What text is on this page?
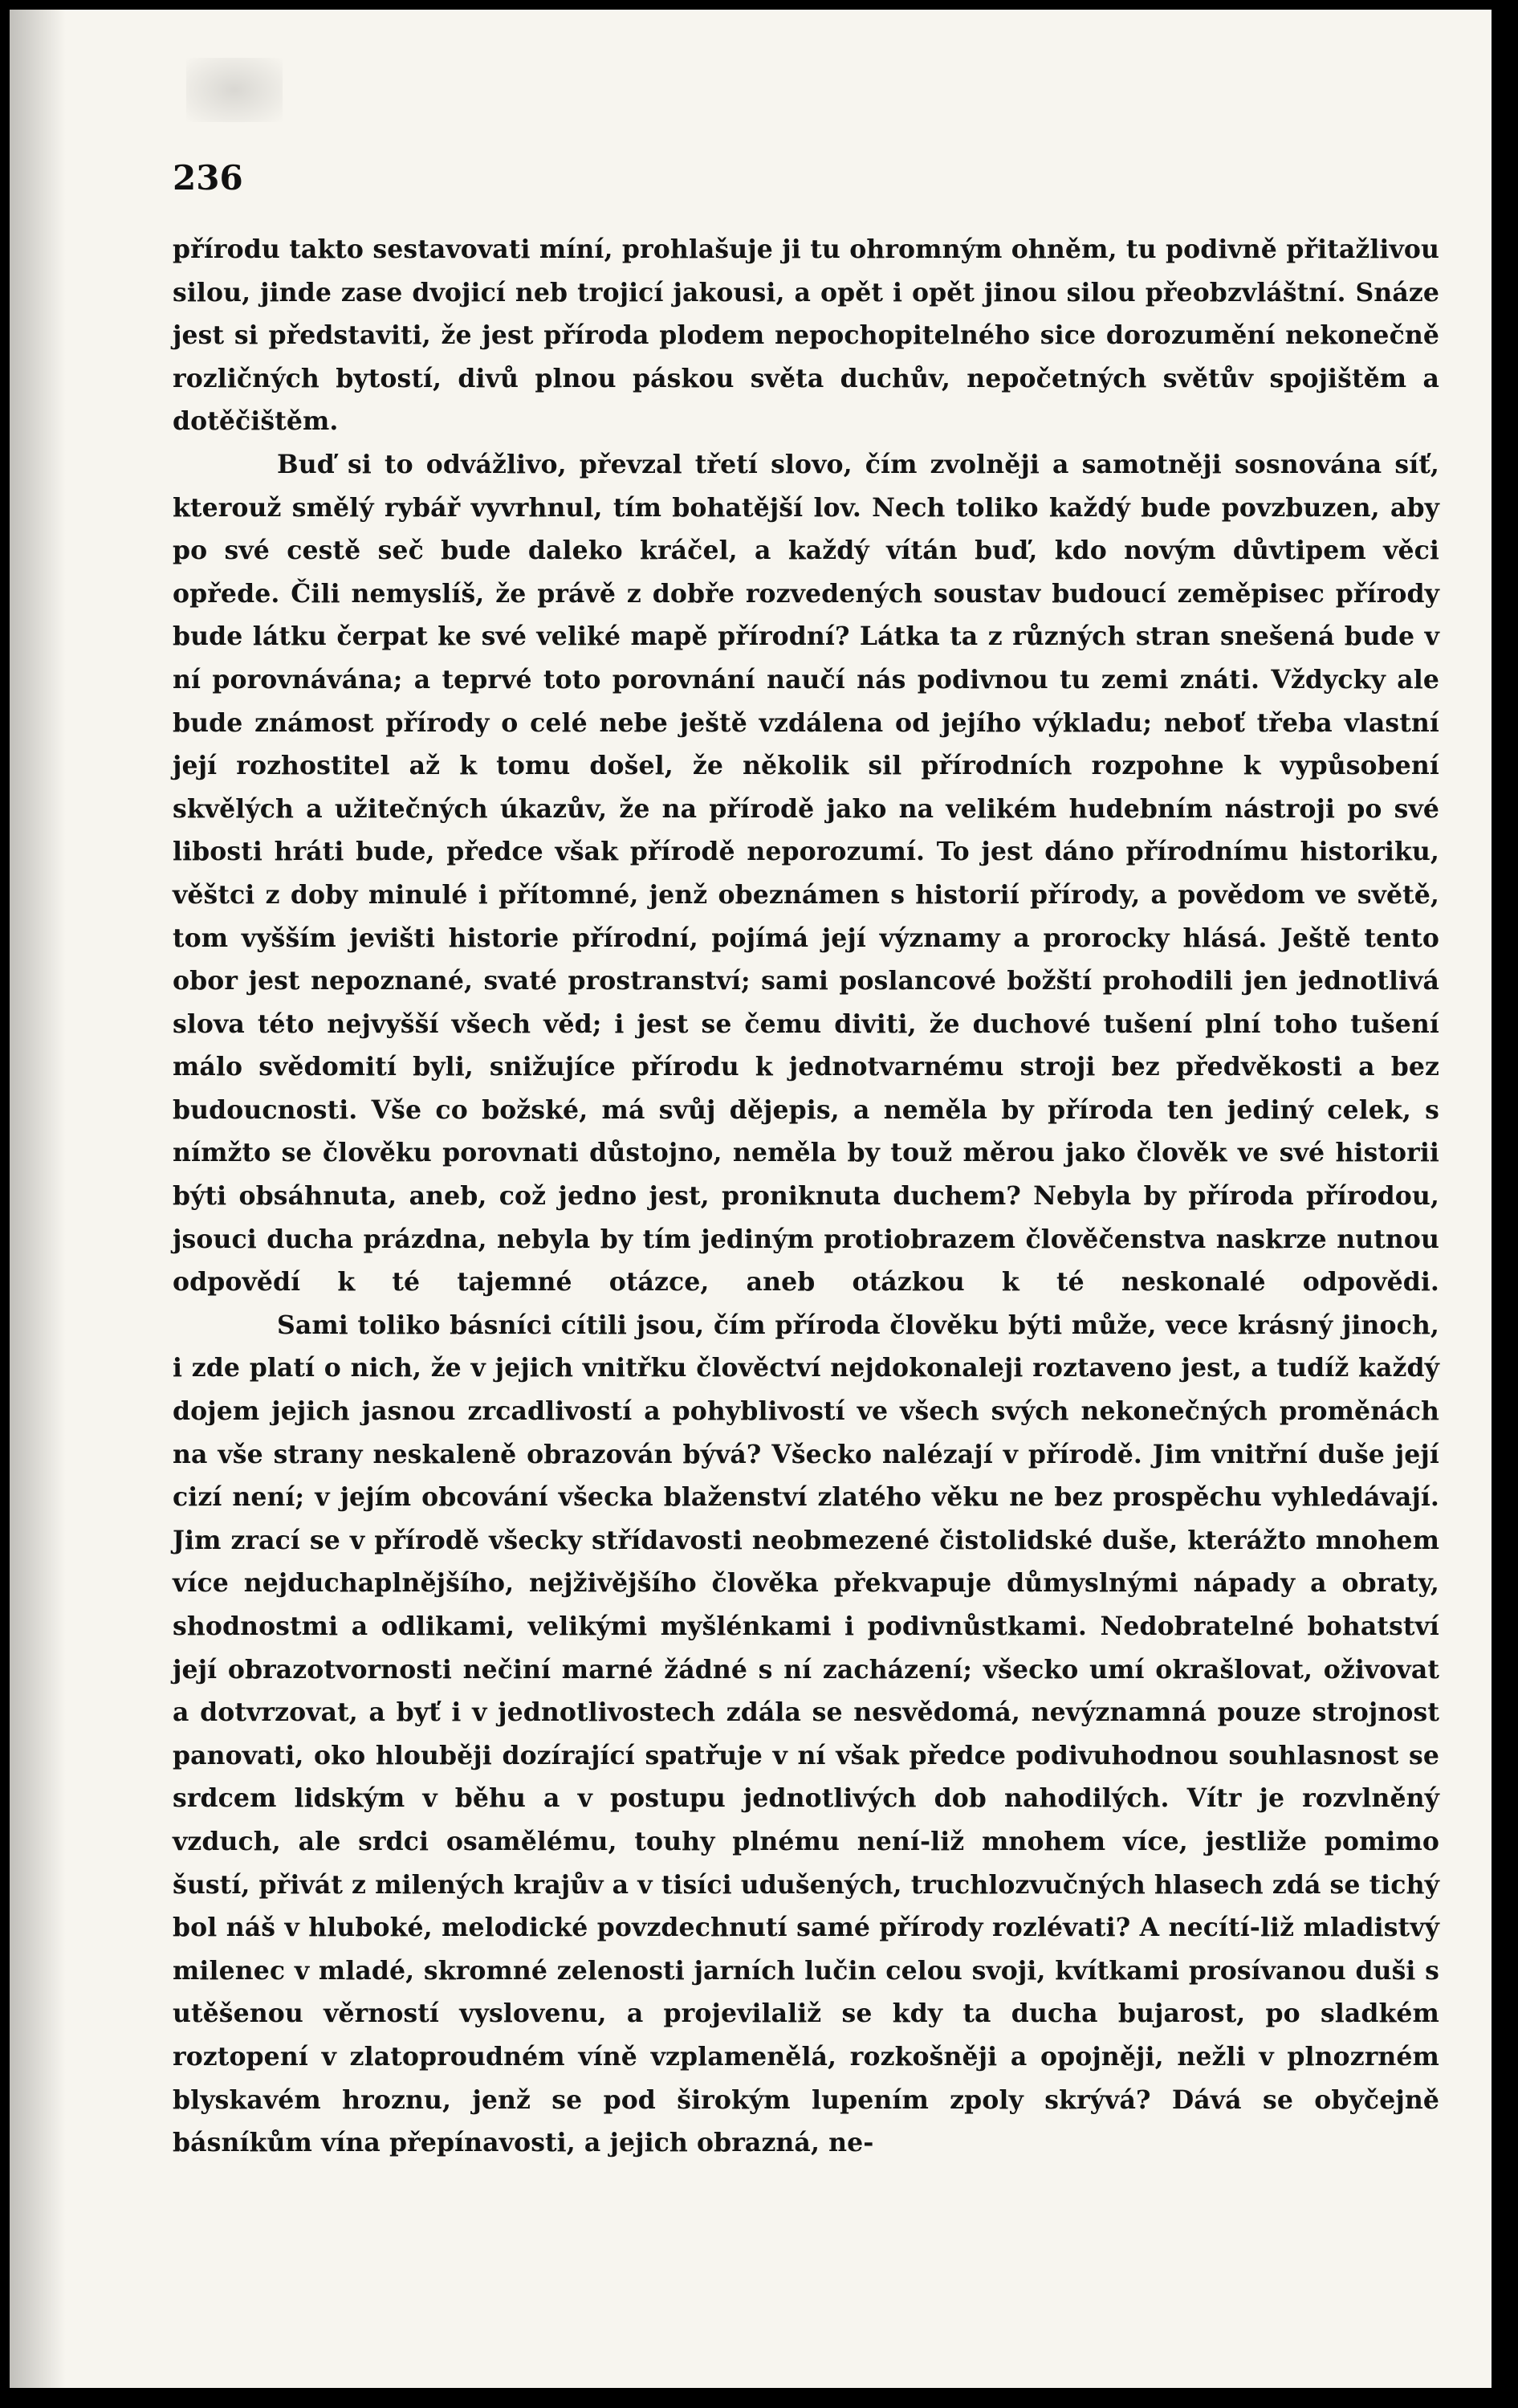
236

přírodu takto sestavovati míní, prohlašuje ji tu ohromným ohněm, tu podivně přitažlivou silou, jinde zase dvojicí neb trojicí jakousi, a opět i opět jinou silou přeobzvláštní. Snáze jest si představiti, že jest příroda plodem nepochopitelného sice dorozumění nekonečně rozličných bytostí, divů plnou páskou světa duchův, nepočetných světův spojištěm a dotěčištěm.

Buď si to odvážlivo, převzal třetí slovo, čím zvolněji a samotněji sosnována síť, kterouž smělý rybář vyvrhnul, tím bohatější lov. Nech toliko každý bude povzbuzen, aby po své cestě seč bude daleko kráčel, a každý vítán buď, kdo novým důvtipem věci opřede. Čili nemyslíš, že právě z dobře rozvedených soustav budoucí zeměpisec přírody bude látku čerpat ke své veliké mapě přírodní? Látka ta z různých stran snešená bude v ní porovnávána; a teprvé toto porovnání naučí nás podivnou tu zemi znáti. Vždycky ale bude známost přírody o celé nebe ještě vzdálena od jejího výkladu; neboť třeba vlastní její rozhostitel až k tomu došel, že několik sil přírodních rozpohne k vypůsobení skvělých a užitečných úkazův, že na přírodě jako na velikém hudebním nástroji po své libosti hráti bude, předce však přírodě neporozumí. To jest dáno přírodnímu historiku, věštci z doby minulé i přítomné, jenž obeznámen s historií přírody, a povědom ve světě, tom vyšším jevišti historie přírodní, pojímá její významy a prorocky hlásá. Ještě tento obor jest nepoznané, svaté prostranství; sami poslancové božští prohodili jen jednotlivá slova této nejvyšší všech věd; i jest se čemu diviti, že duchové tušení plní toho tušení málo svědomití byli, snižujíce přírodu k jednotvarnému stroji bez předvěkosti a bez budoucnosti. Vše co božské, má svůj dějepis, a neměla by příroda ten jediný celek, s nímžto se člověku porovnati důstojno, neměla by touž měrou jako člověk ve své historii býti obsáhnuta, aneb, což jedno jest, proniknuta duchem? Nebyla by příroda přírodou, jsouci ducha prázdna, nebyla by tím jediným protiobrazem člověčenstva naskrze nutnou odpovědí k té tajemné otázce, aneb otázkou k té neskonalé odpovědi.

Sami toliko básníci cítili jsou, čím příroda člověku býti může, vece krásný jinoch, i zde platí o nich, že v jejich vnitřku člověctví nejdokonaleji roztaveno jest, a tudíž každý dojem jejich jasnou zrcadlivostí a pohyblivostí ve všech svých nekonečných proměnách na vše strany neskaleně obrazován bývá? Všecko nalézají v přírodě. Jim vnitřní duše její cizí není; v jejím obcování všecka blaženství zlatého věku ne bez prospěchu vyhledávají. Jim zrací se v přírodě všecky střídavosti neobmezené čistolidské duše, kterážto mnohem více nejduchaplnějšího, nejživějšího člověka překvapuje důmyslnými nápady a obraty, shodnostmi a odlikami, velikými myšlénkami i podivnůstkami. Nedobratelné bohatství její obrazotvornosti nečiní marné žádné s ní zacházení; všecko umí okrašlovat, oživovat a dotvrzovat, a byť i v jednotlivostech zdála se nesvědomá, nevýznamná pouze strojnost panovati, oko hlouběji dozírající spatřuje v ní však předce podivuhodnou souhlasnost se srdcem lidským v běhu a v postupu jednotlivých dob nahodilých. Vítr je rozvlněný vzduch, ale srdci osamělému, touhy plnému není-liž mnohem více, jestliže pomimo šustí, přivát z milených krajův a v tisíci udušených, truchlozvučných hlasech zdá se tichý bol náš v hluboké, melodické povzdechnutí samé přírody rozlévati? A necítí-liž mladistvý milenec v mladé, skromné zelenosti jarních lučin celou svoji, kvítkami prosívanou duši s utěšenou věrností vyslovenu, a projevilaliž se kdy ta ducha bujarost, po sladkém roztopení v zlatoproudném víně vzplamenělá, rozkošněji a opojněji, nežli v plnozrném blyskavém hroznu, jenž se pod širokým lupením zpoly skrývá? Dává se obyčejně básníkům vína přepínavosti, a jejich obrazná, ne-
